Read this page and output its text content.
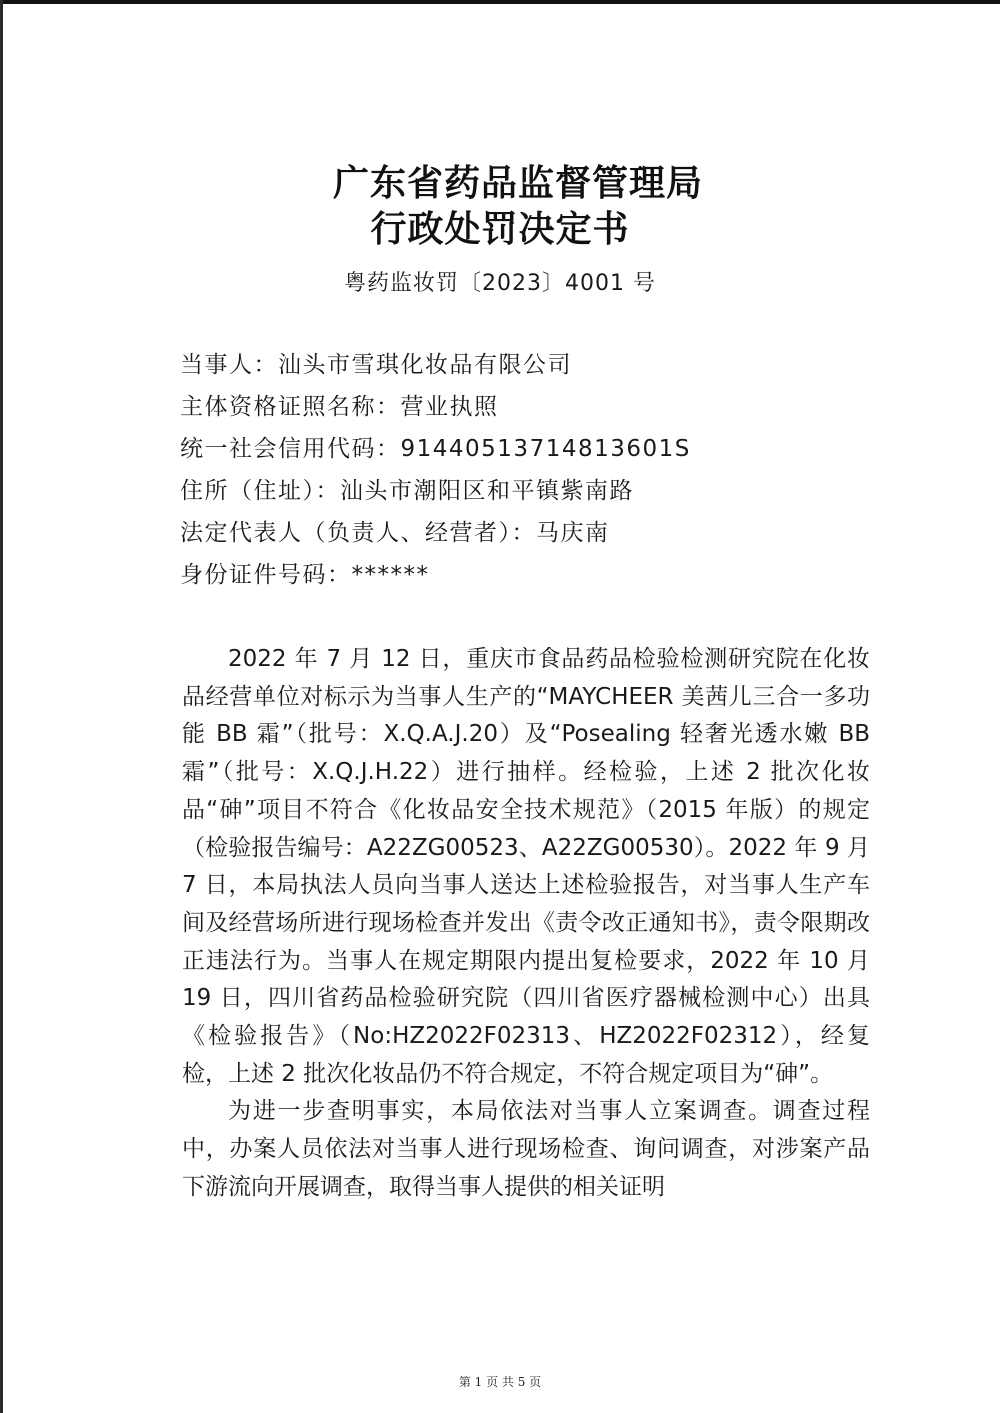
广东省药品监督管理局
行政处罚决定书
粤药监妆罚〔2023〕4001 号
当事人：汕头市雪琪化妆品有限公司
主体资格证照名称：营业执照
统一社会信用代码：91440513714813601S
住所（住址）：汕头市潮阳区和平镇紫南路
法定代表人（负责人、经营者）：马庆南
身份证件号码：******

2022 年 7 月 12 日，重庆市食品药品检验检测研究院在化妆品经营单位对标示为当事人生产的“MAYCHEER 美茜儿三合一多功能 BB 霜”（批号：X.Q.A.J.20）及“Posealing 轻奢光透水嫩 BB 霜”（批号：X.Q.J.H.22）进行抽样。经检验，上述 2 批次化妆品“砷”项目不符合《化妆品安全技术规范》（2015 年版）的规定（检验报告编号：A22ZG00523、A22ZG00530）。2022 年 9 月 7 日，本局执法人员向当事人送达上述检验报告，对当事人生产车间及经营场所进行现场检查并发出《责令改正通知书》，责令限期改正违法行为。当事人在规定期限内提出复检要求，2022 年 10 月 19 日，四川省药品检验研究院（四川省医疗器械检测中心）出具《检验报告》（No:HZ2022F02313、HZ2022F02312），经复检，上述 2 批次化妆品仍不符合规定，不符合规定项目为“砷”。

为进一步查明事实，本局依法对当事人立案调查。调查过程中，办案人员依法对当事人进行现场检查、询问调查，对涉案产品下游流向开展调查，取得当事人提供的相关证明

第 1 页 共 5 页
